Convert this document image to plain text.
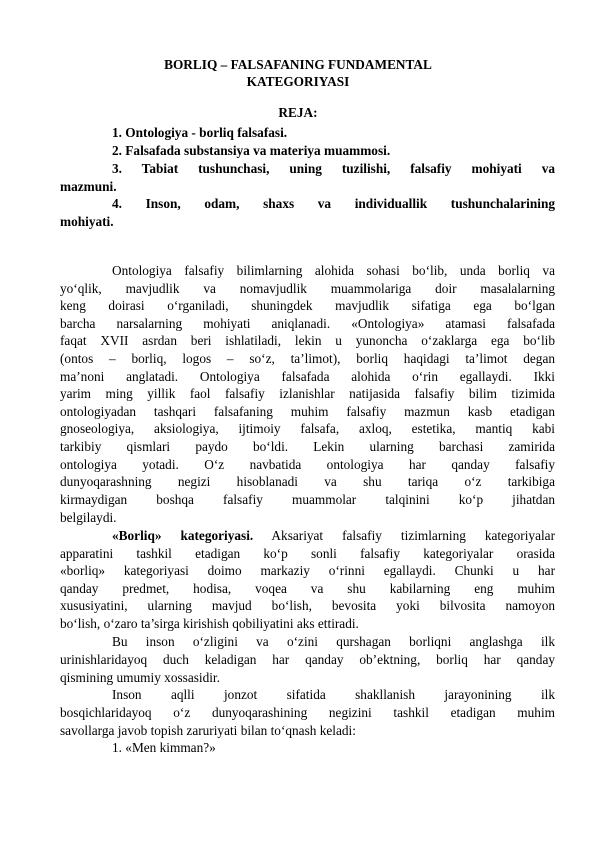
BORLIQ – FALSAFANING FUNDAMENTAL
KATEGORIYASI
REJA:
1. Ontologiya - borliq falsafasi.
2. Falsafada substansiya va materiya muammosi.
3. Tabiat tushunchasi, uning tuzilishi, falsafiy mohiyati va
mazmuni.
4. Inson, odam, shaxs va individuallik tushunchalarining
mohiyati.
Ontologiya falsafiy bilimlarning alohida sohasi bo‘lib, unda borliq va
yo‘qlik, mavjudlik va nomavjudlik muammolariga doir masalalarning
keng doirasi o‘rganiladi, shuningdek mavjudlik sifatiga ega bo‘lgan
barcha narsalarning mohiyati aniqlanadi. «Ontologiya» atamasi falsafada
faqat XVII asrdan beri ishlatiladi, lekin u yunoncha o‘zaklarga ega bo‘lib
(ontos – borliq, logos – so‘z, ta’limot), borliq haqidagi ta’limot degan
ma’noni anglatadi. Ontologiya falsafada alohida o‘rin egallaydi. Ikki
yarim ming yillik faol falsafiy izlanishlar natijasida falsafiy bilim tizimida
ontologiyadan tashqari falsafaning muhim falsafiy mazmun kasb etadigan
gnoseologiya, aksiologiya, ijtimoiy falsafa, axloq, estetika, mantiq kabi
tarkibiy qismlari paydo bo‘ldi. Lekin ularning barchasi zamirida
ontologiya yotadi. O‘z navbatida ontologiya har qanday falsafiy
dunyoqarashning negizi hisoblanadi va shu tariqa o‘z tarkibiga
kirmaydigan boshqa falsafiy muammolar talqinini ko‘p jihatdan
belgilaydi.
«Borliq» kategoriyasi. Aksariyat falsafiy tizimlarning kategoriyalar
apparatini tashkil etadigan ko‘p sonli falsafiy kategoriyalar orasida
«borliq» kategoriyasi doimo markaziy o‘rinni egallaydi. Chunki u har
qanday predmet, hodisa, voqea va shu kabilarning eng muhim
xususiyatini, ularning mavjud bo‘lish, bevosita yoki bilvosita namoyon
bo‘lish, o‘zaro ta’sirga kirishish qobiliyatini aks ettiradi.
Bu inson o‘zligini va o‘zini qurshagan borliqni anglashga ilk
urinishlaridayoq duch keladigan har qanday ob’ektning, borliq har qanday
qismining umumiy xossasidir.
Inson aqlli jonzot sifatida shakllanish jarayonining ilk
bosqichlaridayoq o‘z dunyoqarashining negizini tashkil etadigan muhim
savollarga javob topish zaruriyati bilan to‘qnash keladi:
1. «Men kimman?»
